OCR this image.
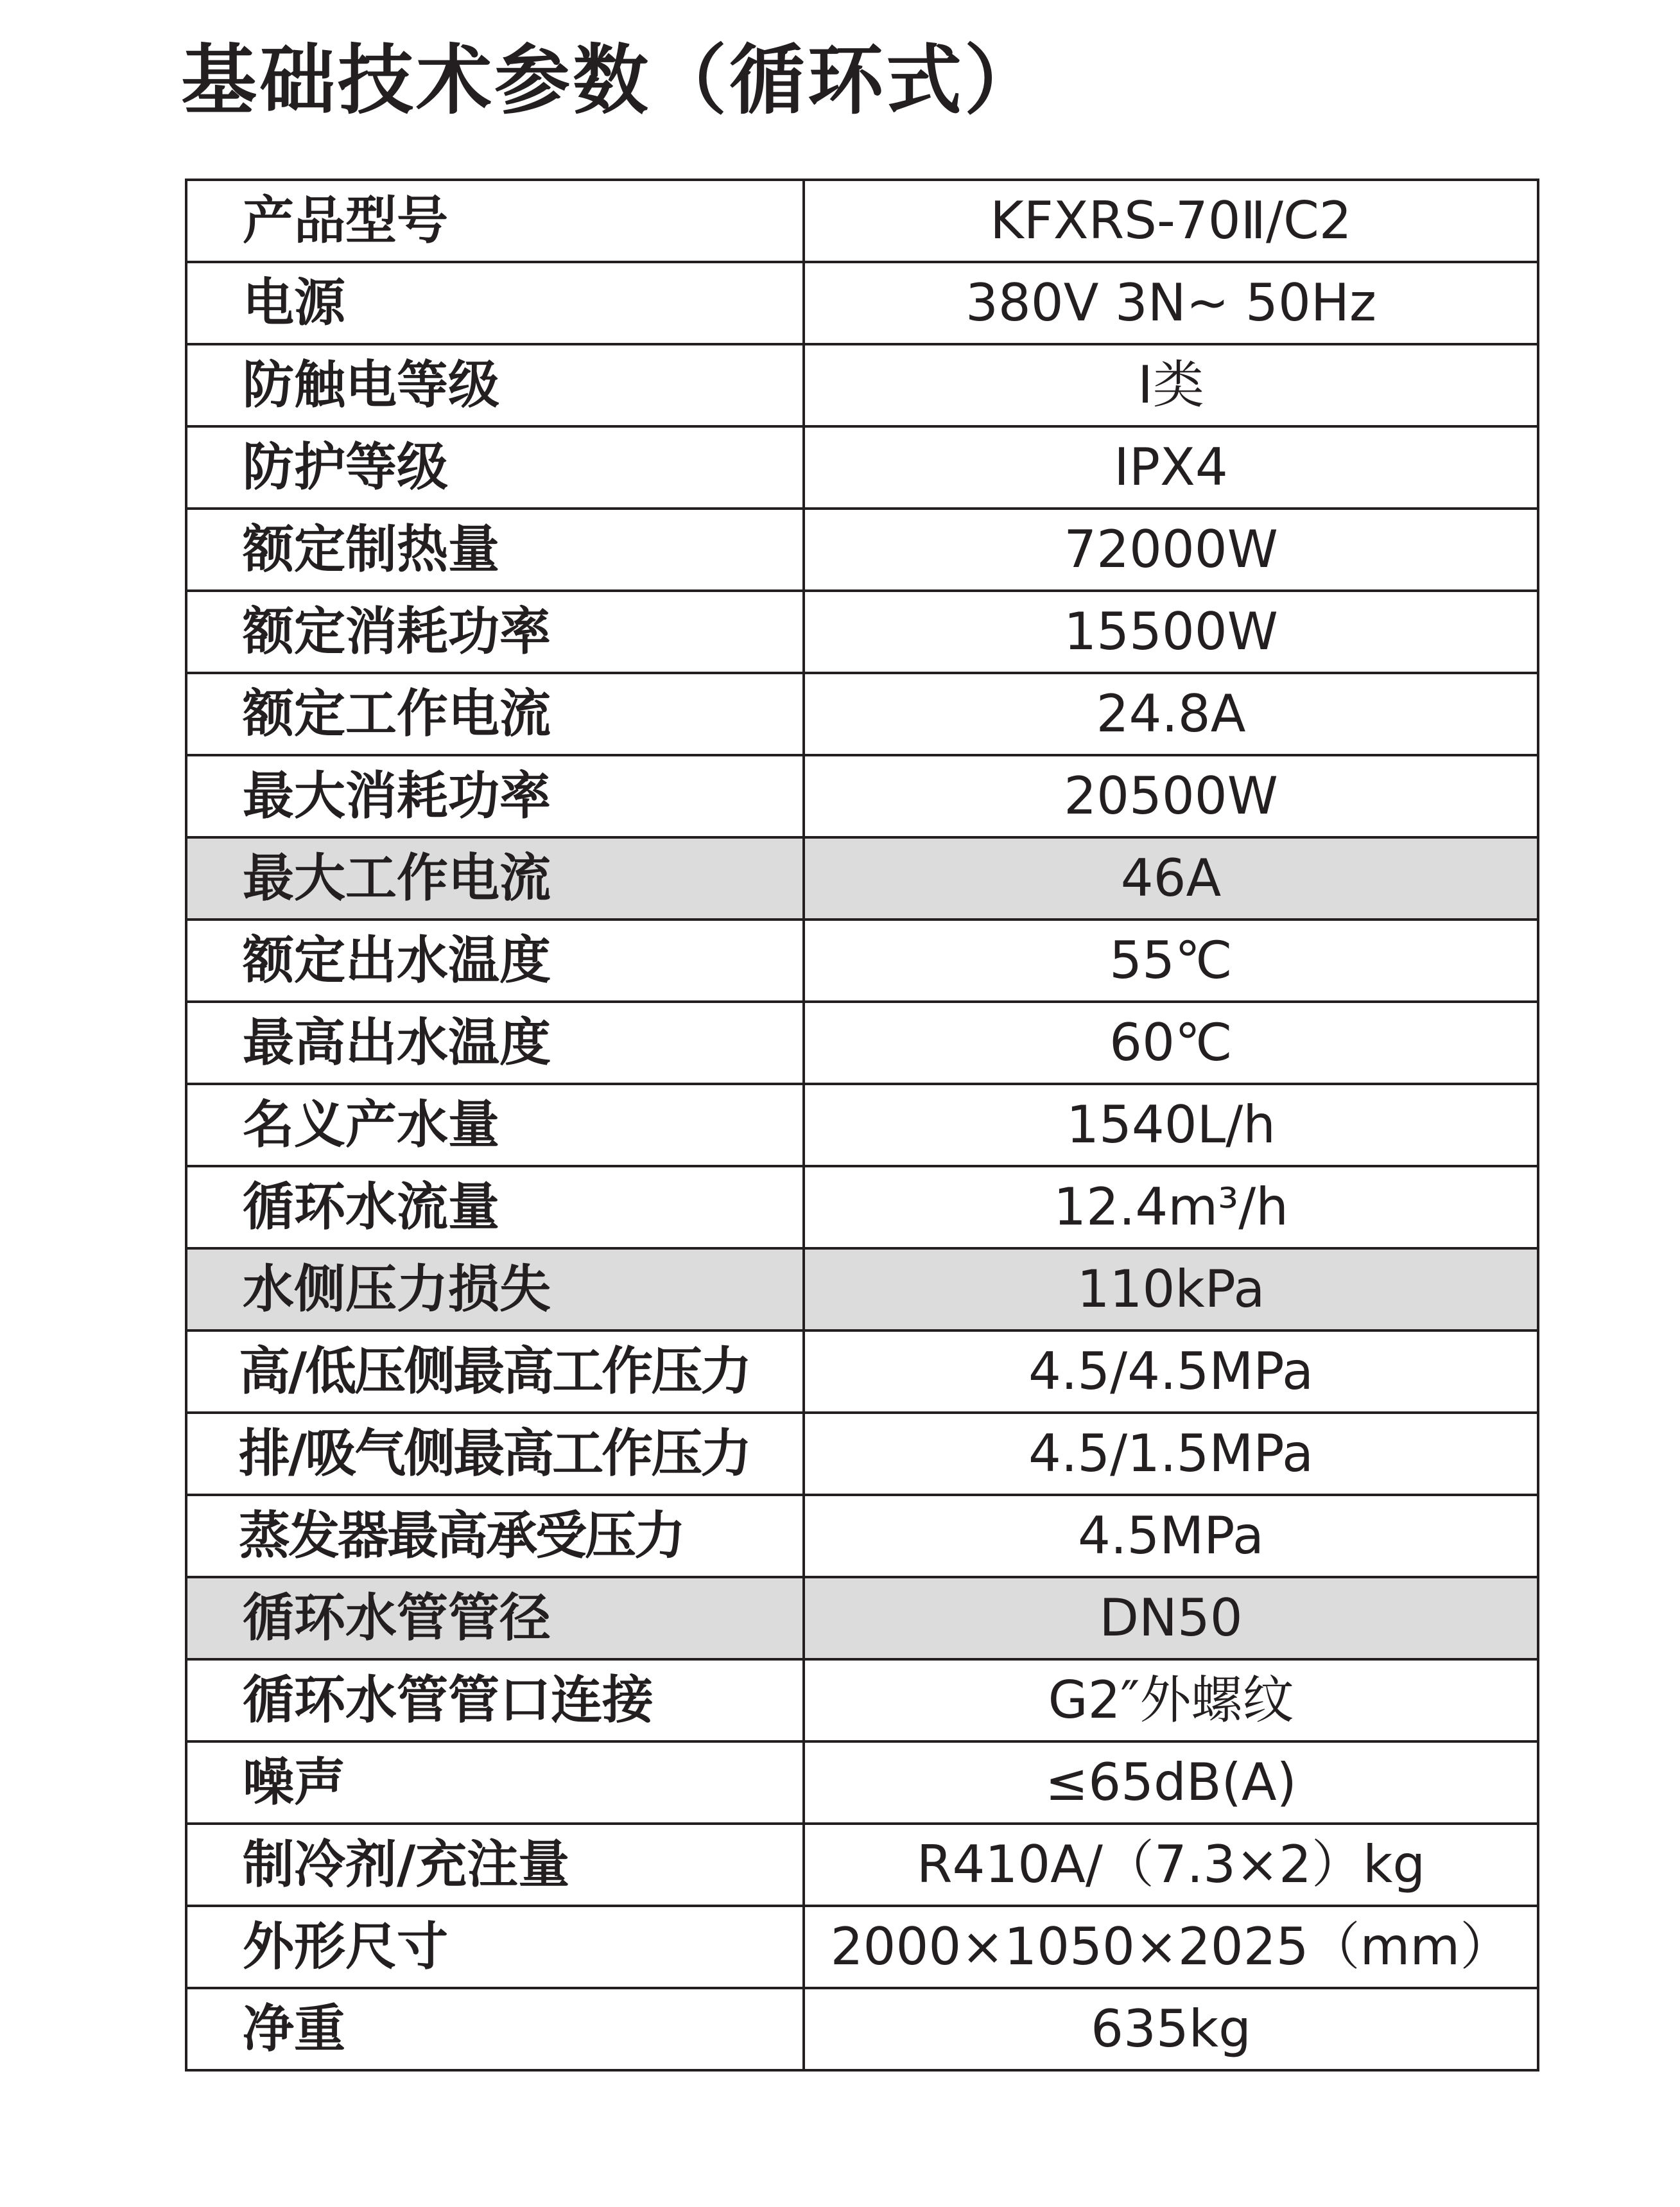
基础技术参数（循环式）
产品型号	KFXRS-70Ⅱ/C2
电源	380V 3N~ 50Hz
防触电等级	Ⅰ类
防护等级	IPX4
额定制热量	72000W
额定消耗功率	15500W
额定工作电流	24.8A
最大消耗功率	20500W
最大工作电流	46A
额定出水温度	55℃
最高出水温度	60℃
名义产水量	1540L/h
循环水流量	12.4m³/h
水侧压力损失	110kPa
高/低压侧最高工作压力	4.5/4.5MPa
排/吸气侧最高工作压力	4.5/1.5MPa
蒸发器最高承受压力	4.5MPa
循环水管管径	DN50
循环水管管口连接	G2″外螺纹
噪声	≤65dB(A)
制冷剂/充注量	R410A/（7.3×2）kg
外形尺寸	2000×1050×2025（mm）
净重	635kg
